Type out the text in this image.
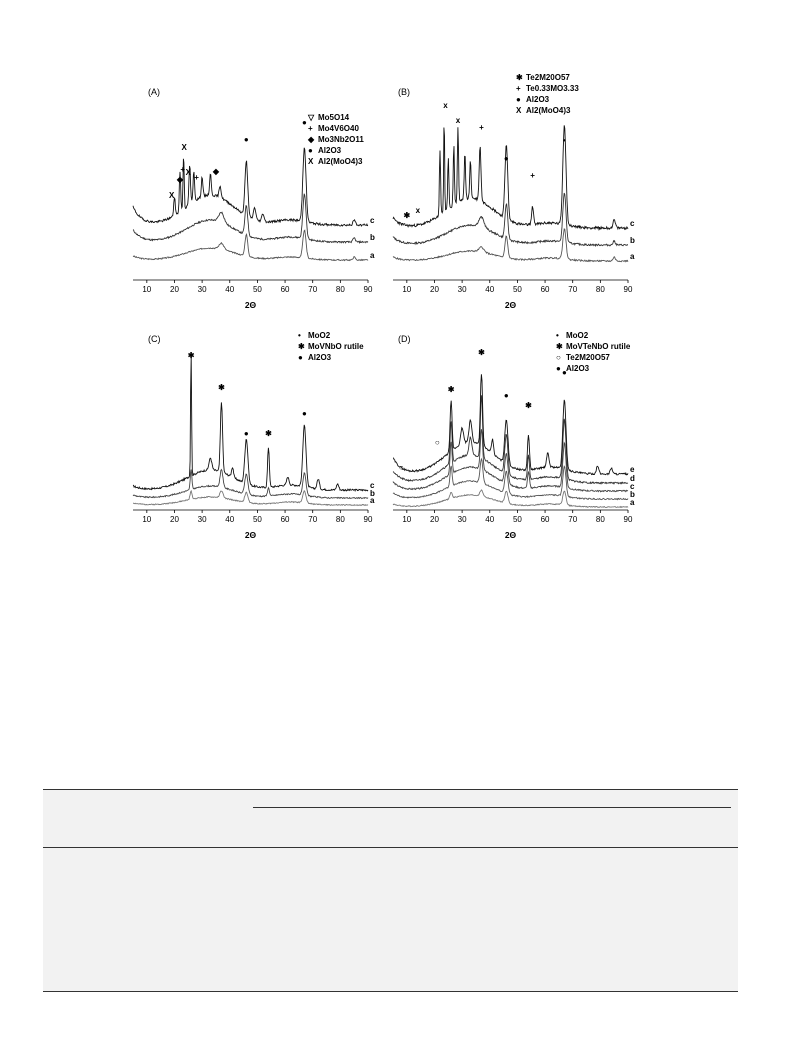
(A)
10 20 30 40 50 60 70 80 90
2Θ
a
b
c
●
●
X
+
◆
X
X
+
◆
▽ Mo5O14
+ Mo4V6O40
◆ Mo3Nb2O11
● Al2O3
X Al2(MoO4)3
(B)
10 20 30 40 50 60 70 80 90
2Θ
a
b
c
x
●
•
+
+
x
✱
x
✱ Te2M20O57
+ Te0.33MO3.33
● Al2O3
X Al2(MoO4)3
(C)
10 20 30 40 50 60 70 80 90
2Θ
a
b
c
✱
✱
●
●
✱
• MoO2
✱ MoVNbO rutile
● Al2O3
(D)
10 20 30 40 50 60 70 80 90
2Θ
a
b
c
d
e
✱
✱
●
●
✱
○
○
• MoO2
✱ MoVTeNbO rutile
○ Te2M20O57
● Al2O3
